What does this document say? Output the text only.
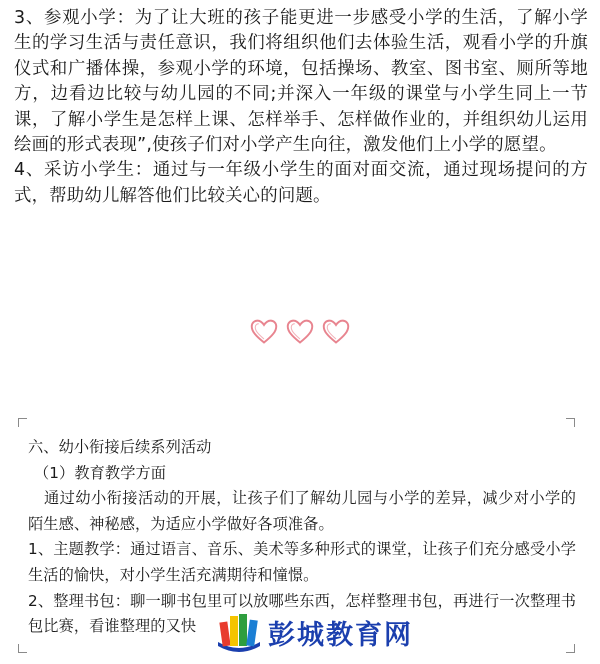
3、参观小学：为了让大班的孩子能更进一步感受小学的生活，了解小学生的学习生活与责任意识，我们将组织他们去体验生活，观看小学的升旗仪式和广播体操，参观小学的环境，包括操场、教室、图书室、厕所等地方，边看边比较与幼儿园的不同;并深入一年级的课堂与小学生同上一节课，了解小学生是怎样上课、怎样举手、怎样做作业的，并组织幼儿运用绘画的形式表现”,使孩子们对小学产生向往，激发他们上小学的愿望。

4、采访小学生：通过与一年级小学生的面对面交流，通过现场提问的方式，帮助幼儿解答他们比较关心的问题。

六、幼小衔接后续系列活动

（1）教育教学方面

通过幼小衔接活动的开展，让孩子们了解幼儿园与小学的差异，减少对小学的陌生感、神秘感，为适应小学做好各项准备。

1、主题教学：通过语言、音乐、美术等多种形式的课堂，让孩子们充分感受小学生活的愉快，对小学生活充满期待和憧憬。

2、整理书包：聊一聊书包里可以放哪些东西，怎样整理书包，再进行一次整理书包比赛，看谁整理的又快	彭城教育网
